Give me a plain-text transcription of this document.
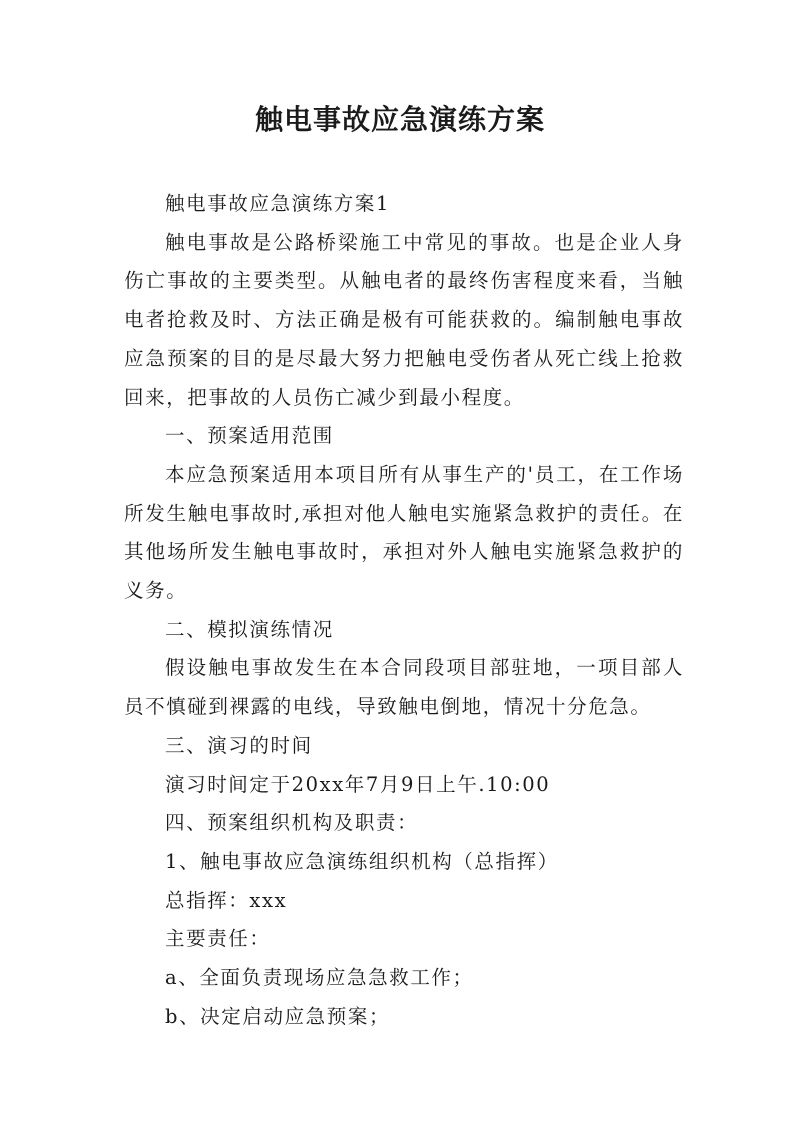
触电事故应急演练方案

触电事故应急演练方案1

触电事故是公路桥梁施工中常见的事故。也是企业人身伤亡事故的主要类型。从触电者的最终伤害程度来看，当触电者抢救及时、方法正确是极有可能获救的。编制触电事故应急预案的目的是尽最大努力把触电受伤者从死亡线上抢救回来，把事故的人员伤亡减少到最小程度。

一、预案适用范围

本应急预案适用本项目所有从事生产的'员工，在工作场所发生触电事故时,承担对他人触电实施紧急救护的责任。在其他场所发生触电事故时，承担对外人触电实施紧急救护的义务。

二、模拟演练情况

假设触电事故发生在本合同段项目部驻地，一项目部人员不慎碰到裸露的电线，导致触电倒地，情况十分危急。

三、演习的时间

演习时间定于20xx年7月9日上午.10:00

四、预案组织机构及职责：

1、触电事故应急演练组织机构（总指挥）

总指挥：xxx

主要责任：

a、全面负责现场应急急救工作；

b、决定启动应急预案；
